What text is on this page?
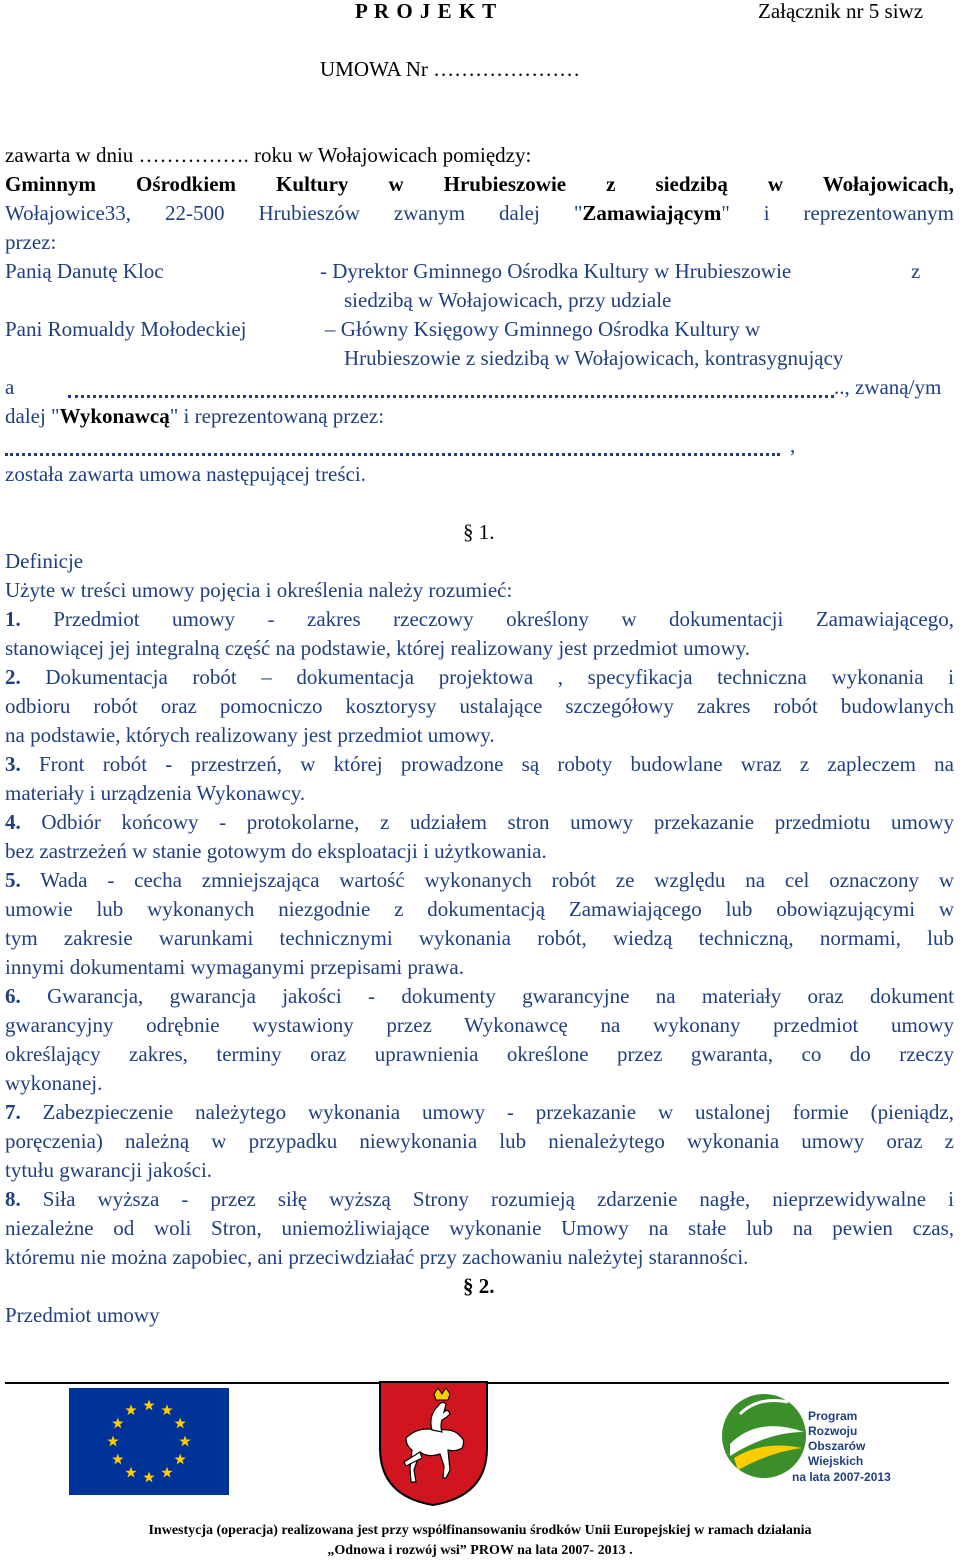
P R O J E K T	Załącznik nr 5 siwz
UMOWA Nr …………………
zawarta w dniu ……………. roku w Wołajowicach pomiędzy:
Gminnym Ośrodkiem Kultury w Hrubieszowie z siedzibą w Wołajowicach,
Wołajowice33, 22-500 Hrubieszów zwanym dalej "Zamawiającym" i reprezentowanym
przez:
Panią Danutę Kloc	- Dyrektor Gminnego Ośrodka Kultury w Hrubieszowie	z
siedzibą w Wołajowicach, przy udziale
Pani Romualdy Mołodeckiej	– Główny Księgowy Gminnego Ośrodka Kultury w
Hrubieszowie z siedzibą w Wołajowicach, kontrasygnujący
a	.., zwaną/ym
dalej "Wykonawcą" i reprezentowaną przez:
,
została zawarta umowa następującej treści.
§ 1.
Definicje
Użyte w treści umowy pojęcia i określenia należy rozumieć:
1. Przedmiot umowy - zakres rzeczowy określony w dokumentacji Zamawiającego,
stanowiącej jej integralną część na podstawie, której realizowany jest przedmiot umowy.
2. Dokumentacja robót – dokumentacja projektowa , specyfikacja techniczna wykonania i
odbioru robót oraz pomocniczo kosztorysy ustalające szczegółowy zakres robót budowlanych
na podstawie, których realizowany jest przedmiot umowy.
3. Front robót - przestrzeń, w której prowadzone są roboty budowlane wraz z zapleczem na
materiały i urządzenia Wykonawcy.
4. Odbiór końcowy - protokolarne, z udziałem stron umowy przekazanie przedmiotu umowy
bez zastrzeżeń w stanie gotowym do eksploatacji i użytkowania.
5. Wada - cecha zmniejszająca wartość wykonanych robót ze względu na cel oznaczony w
umowie lub wykonanych niezgodnie z dokumentacją Zamawiającego lub obowiązującymi w
tym zakresie warunkami technicznymi wykonania robót, wiedzą techniczną, normami, lub
innymi dokumentami wymaganymi przepisami prawa.
6. Gwarancja, gwarancja jakości - dokumenty gwarancyjne na materiały oraz dokument
gwarancyjny odrębnie wystawiony przez Wykonawcę na wykonany przedmiot umowy
określający zakres, terminy oraz uprawnienia określone przez gwaranta, co do rzeczy
wykonanej.
7. Zabezpieczenie należytego wykonania umowy - przekazanie w ustalonej formie (pieniądz,
poręczenia) należną w przypadku niewykonania lub nienależytego wykonania umowy oraz z
tytułu gwarancji jakości.
8. Siła wyższa - przez siłę wyższą Strony rozumieją zdarzenie nagłe, nieprzewidywalne i
niezależne od woli Stron, uniemożliwiające wykonanie Umowy na stałe lub na pewien czas,
któremu nie można zapobiec, ani przeciwdziałać przy zachowaniu należytej staranności.
§ 2.
Przedmiot umowy
Program
Rozwoju
Obszarów
Wiejskich
na lata 2007-2013
Inwestycja (operacja) realizowana jest przy współfinansowaniu środków Unii Europejskiej w ramach działania
„Odnowa i rozwój wsi” PROW na lata 2007- 2013 .
